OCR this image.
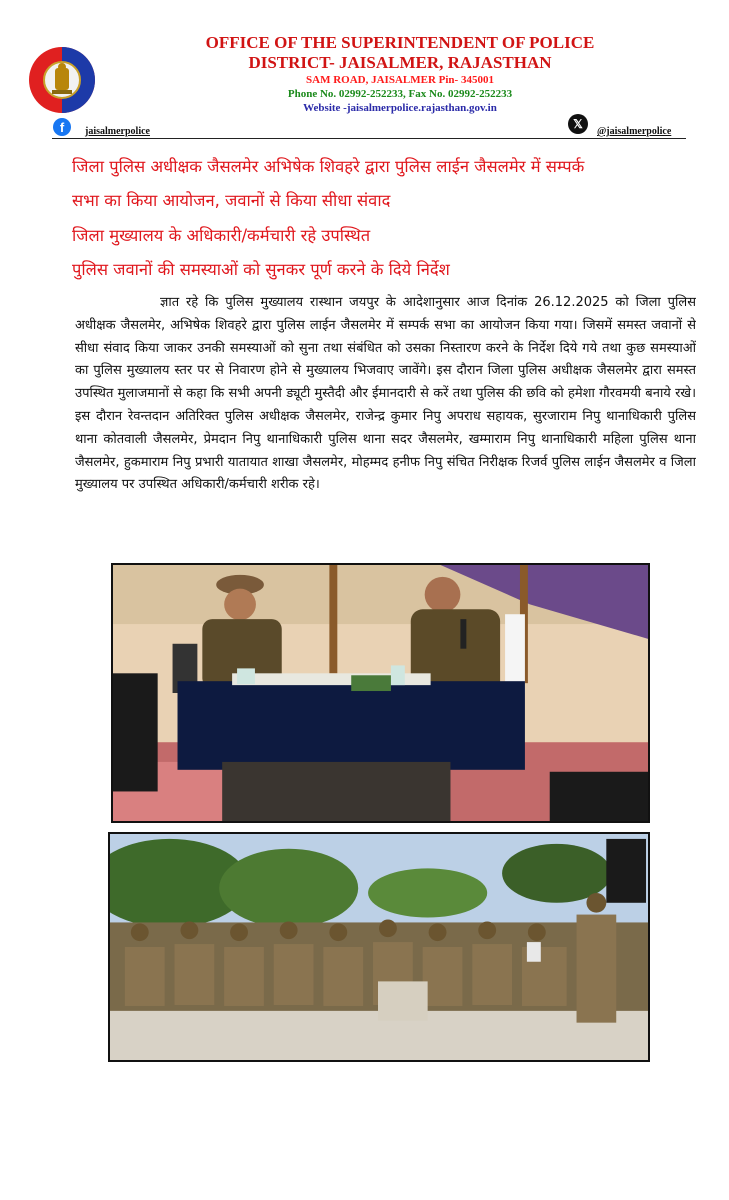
OFFICE OF THE SUPERINTENDENT OF POLICE
DISTRICT- JAISALMER, RAJASTHAN
SAM ROAD, JAISALMER Pin- 345001
Phone No. 02992-252233, Fax No. 02992-252233
Website -jaisalmerpolice.rajasthan.gov.in
f	jaisalmerpolice
𝕏
@jaisalmerpolice
जिला पुलिस अधीक्षक जैसलमेर अभिषेक शिवहरे द्वारा पुलिस लाईन जैसलमेर में सम्पर्क
सभा का किया आयोजन, जवानों से किया सीधा संवाद
जिला मुख्यालय के अधिकारी/कर्मचारी रहे उपस्थित
पुलिस जवानों की समस्याओं को सुनकर पूर्ण करने के दिये निर्देश
ज्ञात रहे कि पुलिस मुख्यालय रास्थान जयपुर के आदेशानुसार आज दिनांक 26.12.2025 को जिला पुलिस अधीक्षक जैसलमेर, अभिषेक शिवहरे द्वारा पुलिस लाईन जैसलमेर में सम्पर्क सभा का आयोजन किया गया। जिसमें समस्त जवानों से सीधा संवाद किया जाकर उनकी समस्याओं को सुना तथा संबंधित को उसका निस्तारण करने के निर्देश दिये गये तथा कुछ समस्याओं का पुलिस मुख्यालय स्तर पर से निवारण होने से मुख्यालय भिजवाए जावेंगे। इस दौरान जिला पुलिस अधीक्षक जैसलमेर द्वारा समस्त उपस्थित मुलाजमानों से कहा कि सभी अपनी ड्यूटी मुस्तैदी और ईमानदारी से करें तथा पुलिस की छवि को हमेशा गौरवमयी बनाये रखे। इस दौरान रेवन्तदान अतिरिक्त पुलिस अधीक्षक जैसलमेर, राजेन्द्र कुमार निपु अपराध सहायक, सुरजाराम निपु थानाधिकारी पुलिस थाना कोतवाली जैसलमेर, प्रेमदान निपु थानाधिकारी पुलिस थाना सदर जैसलमेर, खम्माराम निपु थानाधिकारी महिला पुलिस थाना जैसलमेर, हुकमाराम निपु प्रभारी यातायात शाखा जैसलमेर, मोहम्मद हनीफ निपु संचित निरीक्षक रिजर्व पुलिस लाईन जैसलमेर व जिला मुख्यालय पर उपस्थित अधिकारी/कर्मचारी शरीक रहे।
